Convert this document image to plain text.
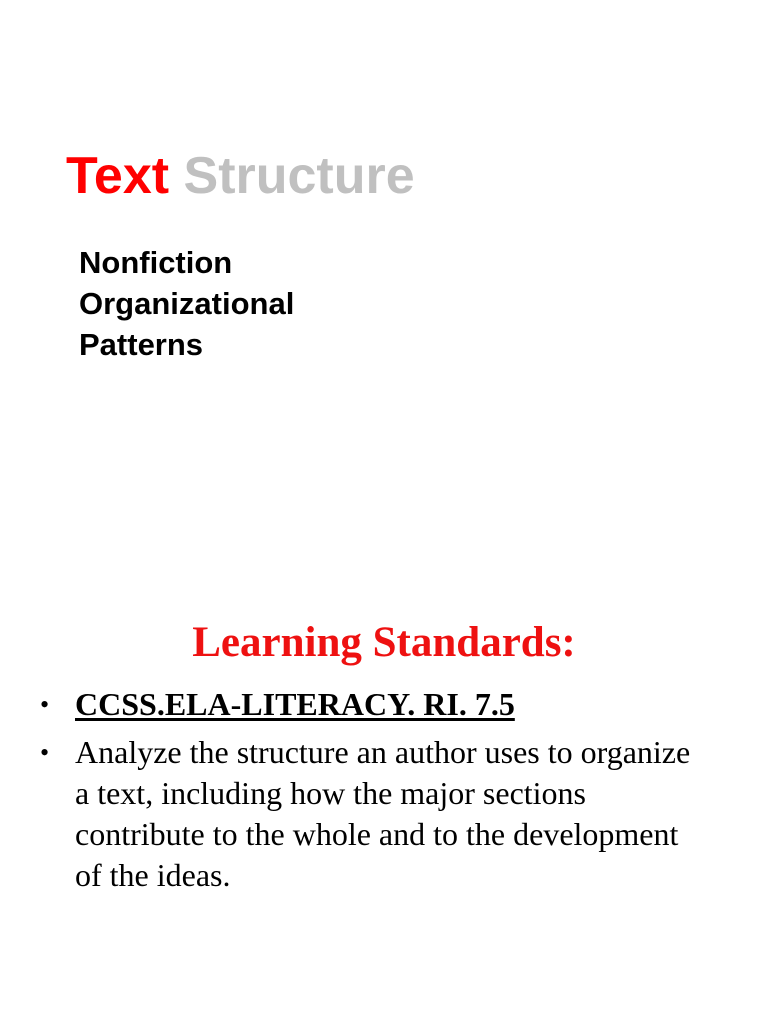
Text Structure
Nonfiction
Organizational
Patterns
Learning Standards:
• CCSS.ELA-LITERACY. RI. 7.5
• Analyze the structure an author uses to organize a text, including how the major sections contribute to the whole and to the development of the ideas.
